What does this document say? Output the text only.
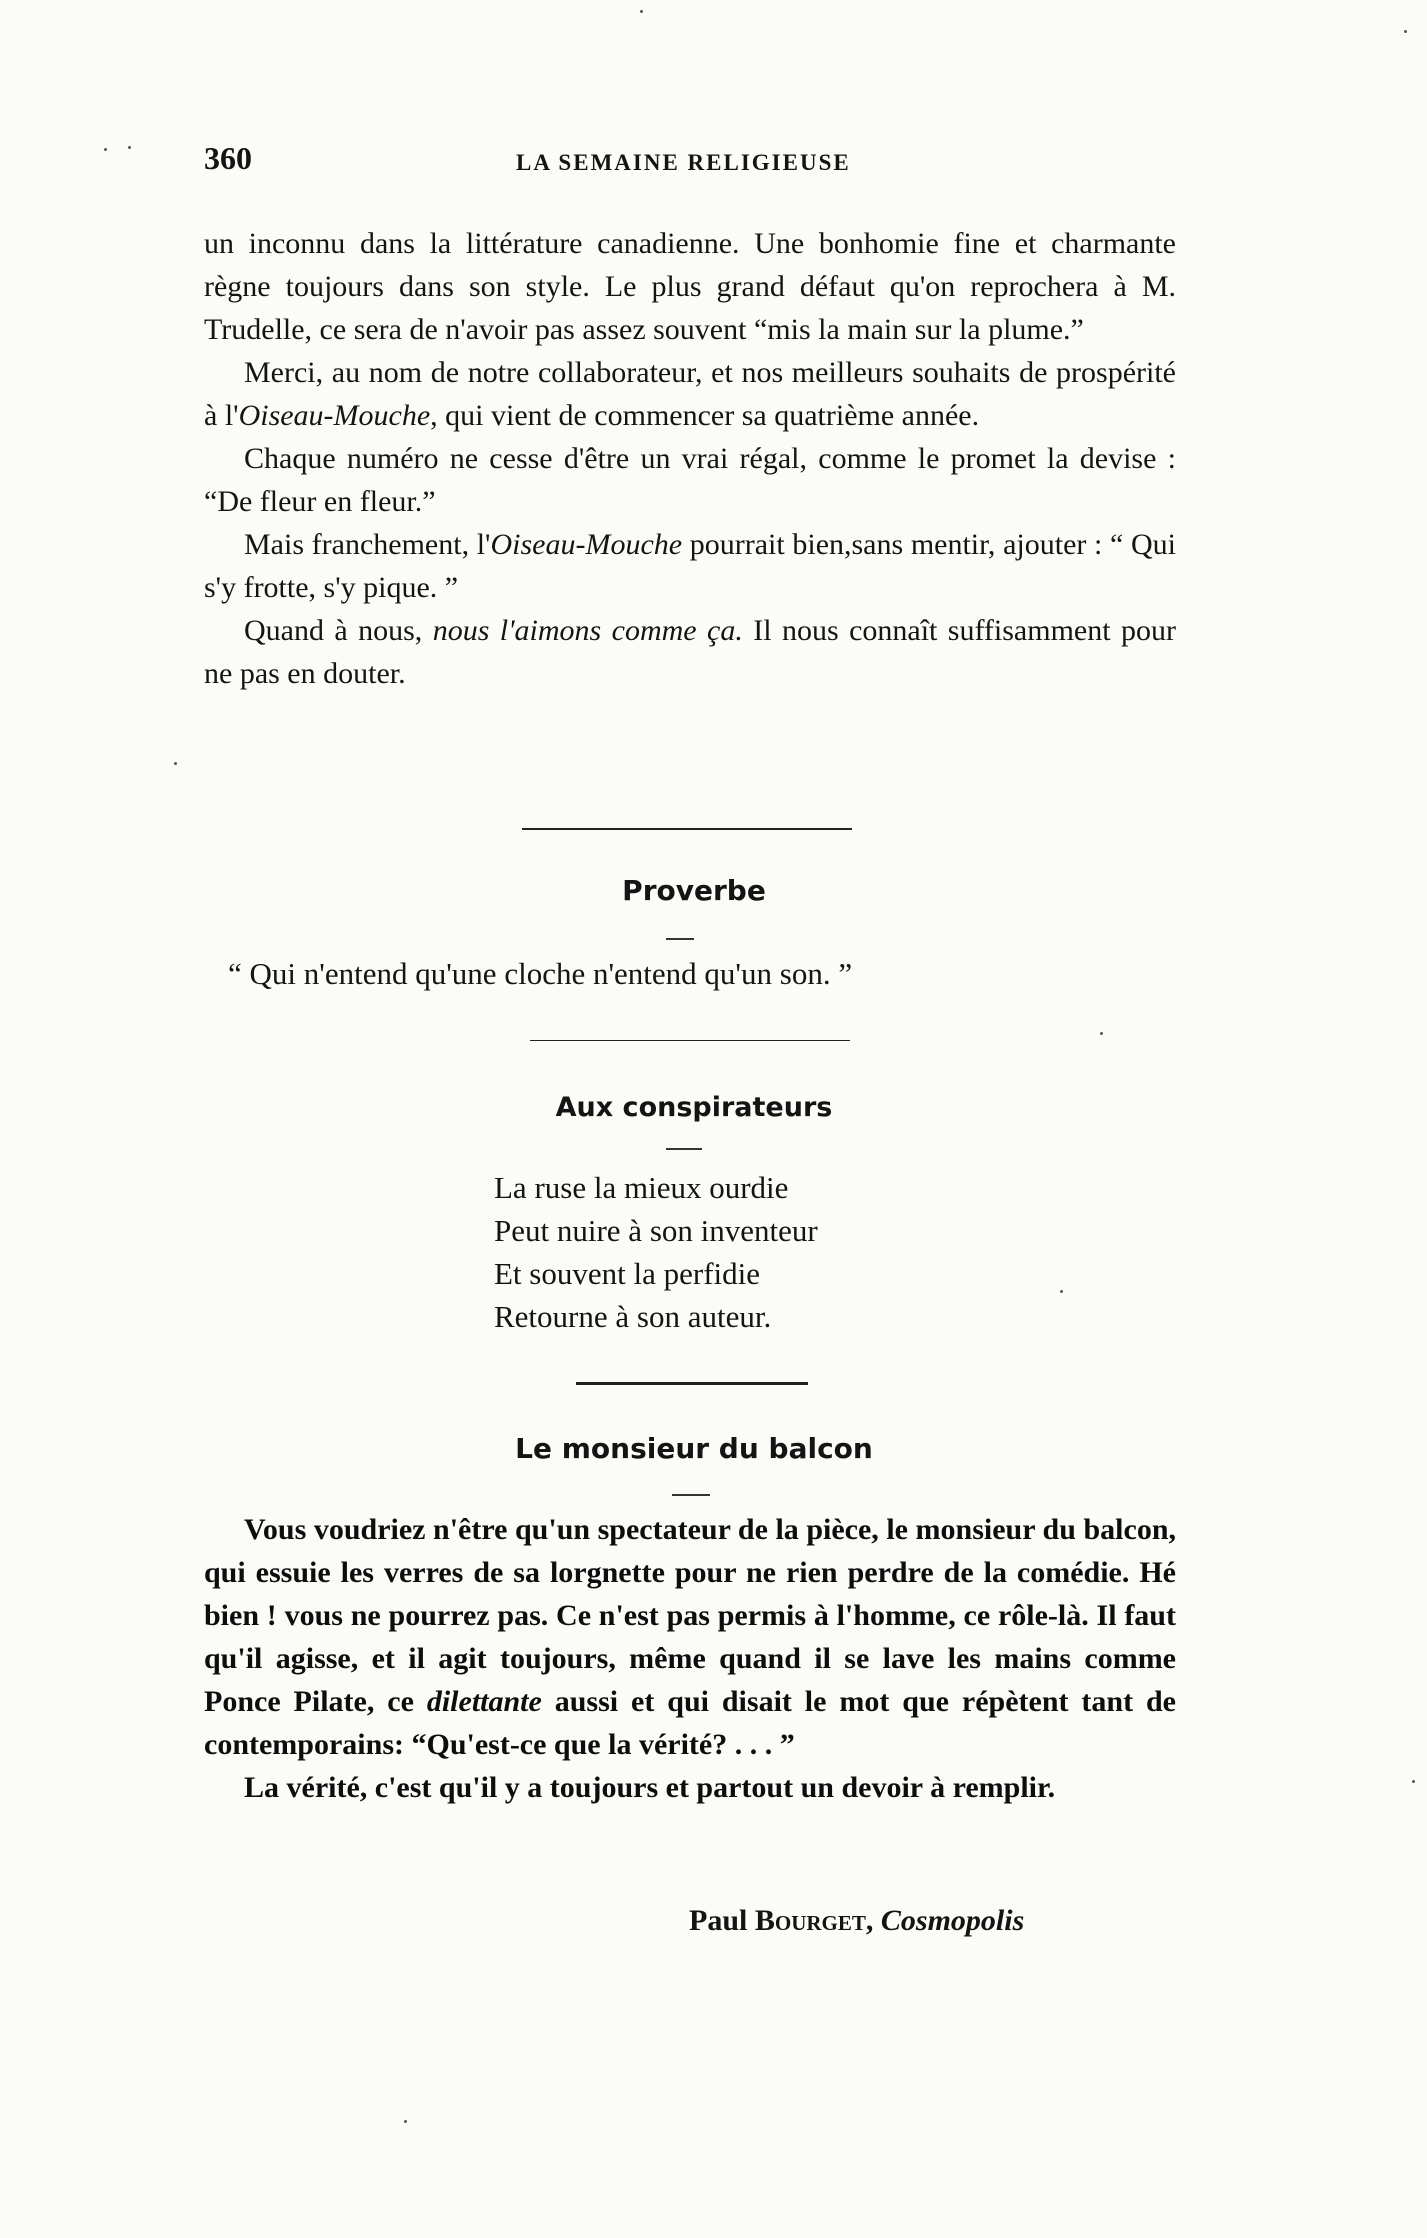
360	LA SEMAINE RELIGIEUSE

un inconnu dans la littérature canadienne. Une bonhomie fine et charmante règne toujours dans son style. Le plus grand défaut qu'on reprochera à M. Trudelle, ce sera de n'avoir pas assez souvent “mis la main sur la plume.”

Merci, au nom de notre collaborateur, et nos meilleurs souhaits de prospérité à l'Oiseau-Mouche, qui vient de commencer sa quatrième année.

Chaque numéro ne cesse d'être un vrai régal, comme le promet la devise : “De fleur en fleur.”

Mais franchement, l'Oiseau-Mouche pourrait bien,sans mentir, ajouter : “ Qui s'y frotte, s'y pique. ”

Quand à nous, nous l'aimons comme ça. Il nous connaît suffisamment pour ne pas en douter.

Proverbe
“ Qui n'entend qu'une cloche n'entend qu'un son. ”
Aux conspirateurs
La ruse la mieux ourdie
Peut nuire à son inventeur
Et souvent la perfidie
Retourne à son auteur.
Le monsieur du balcon

Vous voudriez n'être qu'un spectateur de la pièce, le monsieur du balcon, qui essuie les verres de sa lorgnette pour ne rien perdre de la comédie. Hé bien ! vous ne pourrez pas. Ce n'est pas permis à l'homme, ce rôle-là. Il faut qu'il agisse, et il agit toujours, même quand il se lave les mains comme Ponce Pilate, ce dilettante aussi et qui disait le mot que répètent tant de contemporains: “Qu'est-ce que la vérité? . . . ”

La vérité, c'est qu'il y a toujours et partout un devoir à remplir.

Paul Bourget, Cosmopolis
